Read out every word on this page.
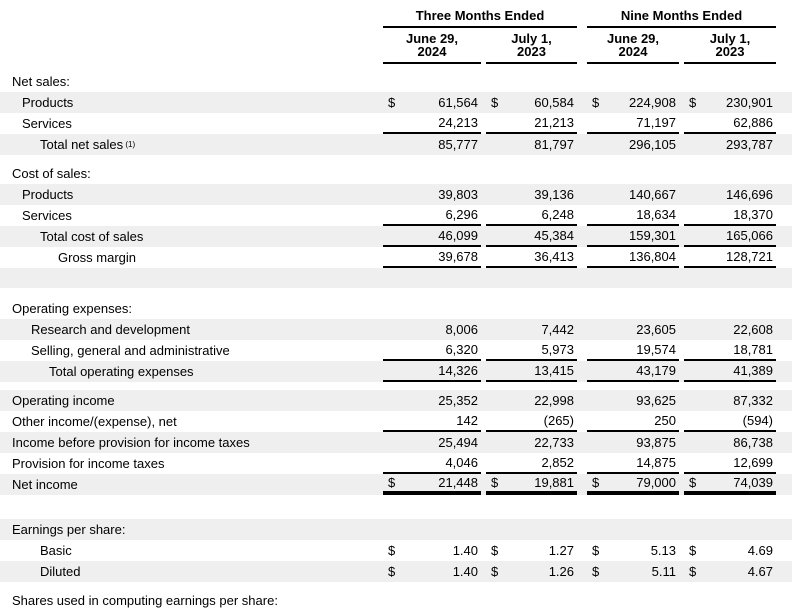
Three Months Ended	Nine Months Ended
June 29,
2024
July 1,
2023
June 29,
2024
July 1,
2023
Net sales:
Products	$	61,564 $	60,584 $ 224,908 $ 230,901
Services	24,213	21,213	71,197	62,886
Total net sales (1)	85,777	81,797	296,105	293,787
Cost of sales:
Products	39,803	39,136	140,667	146,696
Services	6,296	6,248	18,634	18,370
Total cost of sales	46,099	45,384	159,301	165,066
Gross margin	39,678	36,413	136,804	128,721
Operating expenses:
Research and development	8,006	7,442	23,605	22,608
Selling, general and administrative	6,320	5,973	19,574	18,781
Total operating expenses	14,326	13,415	43,179	41,389
Operating income	25,352	22,998	93,625	87,332
Other income/(expense), net	142	(265)	250	(594)
Income before provision for income taxes	25,494	22,733	93,875	86,738
Provision for income taxes	4,046	2,852	14,875	12,699
Net income	$	21,448 $	19,881 $	79,000 $	74,039
Earnings per share:
Basic	$	1.40 $	1.27 $	5.13 $	4.69
Diluted	$	1.40 $	1.26 $	5.11 $	4.67
Shares used in computing earnings per share:
